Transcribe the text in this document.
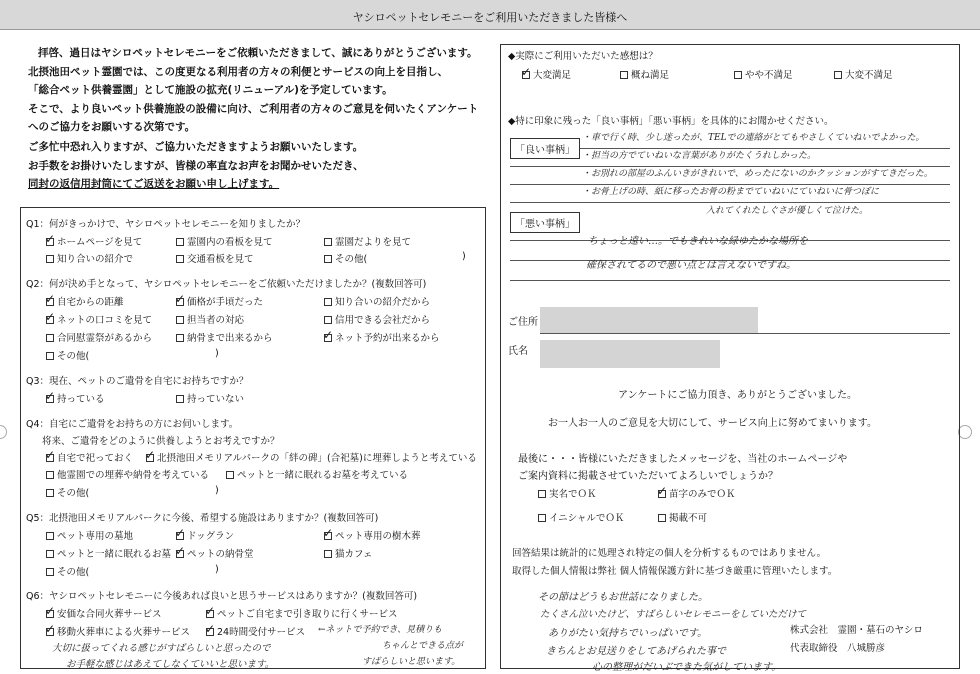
ヤシロペットセレモニーをご利用いただきました皆様へ

拝啓、過日はヤシロペットセレモニーをご依頼いただきまして、誠にありがとうございます。

北摂池田ペット霊園では、この度更なる利用者の方々の利便とサービスの向上を目指し、

「総合ペット供養霊園」として施設の拡充(リニューアル)を予定しています。

そこで、より良いペット供養施設の設備に向け、ご利用者の方々のご意見を伺いたくアンケート

へのご協力をお願いする次第です。

ご多忙中恐れ入りますが、ご協力いただきますようお願いいたします。

お手数をお掛けいたしますが、皆様の率直なお声をお聞かせいただき、

同封の返信用封筒にてご返送をお願い申し上げます。

Q1：何がきっかけで、ヤシロペットセレモニーを知りましたか？
✓ホームページを見て	霊園内の看板を見て	霊園だよりを見て
知り合いの紹介で	交通看板を見て	その他(	)
Q2：何が決め手となって、ヤシロペットセレモニーをご依頼いただけましたか？(複数回答可)
✓自宅からの距離 ✓	価格が手頃だった	知り合いの紹介だから
✓ネットの口コミを見て	担当者の対応	信用できる会社だから
合同慰霊祭があるから	納骨まで出来るから ✓	ネット予約が出来るから
その他(	)
Q3：現在、ペットのご遺骨を自宅にお持ちですか？
✓持っている	持っていない
Q4：自宅にご遺骨をお持ちの方にお伺いします。
将来、ご遺骨をどのように供養しようとお考えですか？
✓自宅で祀っておく ✓	北摂池田メモリアルパークの「絆の碑」(合祀墓)に埋葬しようと考えている
他霊園での埋葬や納骨を考えている	ペットと一緒に眠れるお墓を考えている
その他(	)
Q5：北摂池田メモリアルパークに今後、希望する施設はありますか？(複数回答可)
ペット専用の墓地 ✓	ドッグラン ✓	ペット専用の樹木葬
ペットと一緒に眠れるお墓 ✓	ペットの納骨堂	猫カフェ
その他(	)
Q6：ヤシロペットセレモニーに今後あれば良いと思うサービスはありますか？(複数回答可)
✓安価な合同火葬サービス ✓	ペットご自宅まで引き取りに行くサービス
✓移動火葬車による火葬サービス ✓	24時間受付サービス ←ネットで予約でき、見積りも
ちゃんとできる点が
すばらしいと思います。
大切に扱ってくれる感じがすばらしいと思ったので
お手軽な感じはあえてしなくていいと思います。
◆実際にご利用いただいた感想は？
✓大変満足	概ね満足	やや不満足	大変不満足
◆特に印象に残った「良い事柄」「悪い事柄」を具体的にお聞かせください。
「良い事柄」
・車で行く時、少し迷ったが、TELでの連絡がとてもやさしくていねいでよかった。
・担当の方でていねいな言葉がありがたくうれしかった。
・お別れの部屋のふんいきがきれいで、めったにないのかクッションがすてきだった。
・お骨上げの時、紙に移ったお骨の粉までていねいにていねいに骨つぼに
入れてくれたしぐさが優しくて泣けた。
「悪い事柄」
ちょっと遠い…。でもきれいな緑ゆたかな場所を
確保されてるので悪い点とは言えないですね。
ご住所
氏名
アンケートにご協力頂き、ありがとうございました。
お一人お一人のご意見を大切にして、サービス向上に努めてまいります。
最後に・・・皆様にいただきましたメッセージを、当社のホームページや
ご案内資料に掲載させていただいてよろしいでしょうか？
実名でＯＫ ✓	苗字のみでＯＫ
イニシャルでＯＫ	掲載不可
回答結果は統計的に処理され特定の個人を分析するものではありません。
取得した個人情報は弊社 個人情報保護方針に基づき厳重に管理いたします。
その節はどうもお世話になりました。
たくさん泣いたけど、すばらしいセレモニーをしていただけて
ありがたい気持ちでいっぱいです。
きちんとお見送りをしてあげられた事で
心の整理がだいぶできた気がしています。
株式会社　霊園・墓石のヤシロ
代表取締役　八城勝彦
